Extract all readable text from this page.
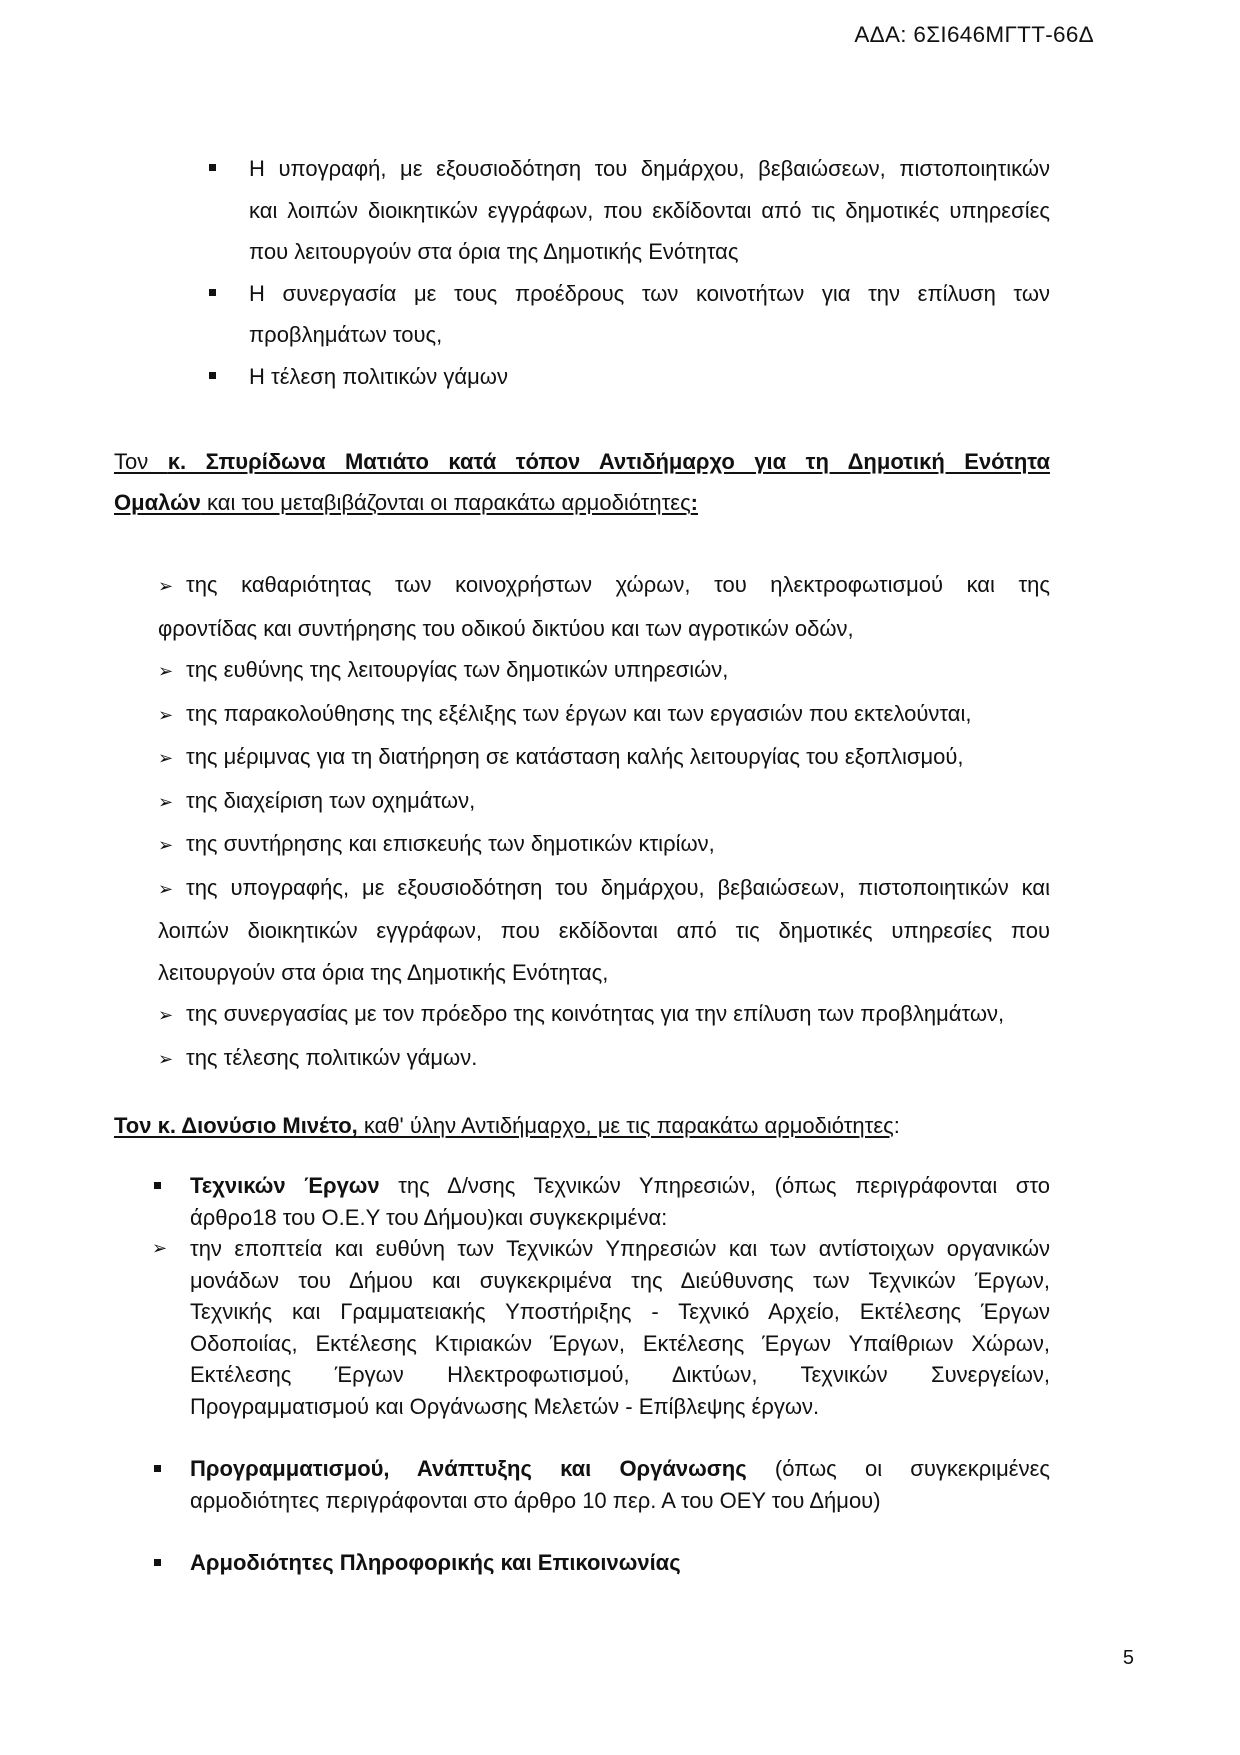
ΑΔΑ: 6ΣΙ646ΜΓΤΤ-66Δ
Η υπογραφή, με εξουσιοδότηση του δημάρχου, βεβαιώσεων, πιστοποιητικών
και λοιπών διοικητικών εγγράφων, που εκδίδονται από τις δημοτικές υπηρεσίες
που λειτουργούν στα όρια της Δημοτικής Ενότητας
Η συνεργασία με τους προέδρους των κοινοτήτων για την επίλυση των
προβλημάτων τους,
Η τέλεση πολιτικών γάμων
Τον κ. Σπυρίδωνα Ματιάτο κατά τόπον Αντιδήμαρχο για τη Δημοτική Ενότητα
Ομαλών και του μεταβιβάζονται οι παρακάτω αρμοδιότητες:
➢ της καθαριότητας των κοινοχρήστων χώρων, του ηλεκτροφωτισμού και της
φροντίδας και συντήρησης του οδικού δικτύου και των αγροτικών οδών,
➢ της ευθύνης της λειτουργίας των δημοτικών υπηρεσιών,
➢ της παρακολούθησης της εξέλιξης των έργων και των εργασιών που εκτελούνται,
➢ της μέριμνας για τη διατήρηση σε κατάσταση καλής λειτουργίας του εξοπλισμού,
➢ της διαχείριση των οχημάτων,
➢ της συντήρησης και επισκευής των δημοτικών κτιρίων,
➢ της υπογραφής, με εξουσιοδότηση του δημάρχου, βεβαιώσεων, πιστοποιητικών και
λοιπών διοικητικών εγγράφων, που εκδίδονται από τις δημοτικές υπηρεσίες που
λειτουργούν στα όρια της Δημοτικής Ενότητας,
➢ της συνεργασίας με τον πρόεδρο της κοινότητας για την επίλυση των προβλημάτων,
➢ της τέλεσης πολιτικών γάμων.
Τον κ. Διονύσιο Μινέτο, καθ' ύλην Αντιδήμαρχο, με τις παρακάτω αρμοδιότητες:
Τεχνικών Έργων της Δ/νσης Τεχνικών Υπηρεσιών, (όπως περιγράφονται στο
άρθρο18 του Ο.Ε.Υ του Δήμου)και συγκεκριμένα:
➢ την εποπτεία και ευθύνη των Τεχνικών Υπηρεσιών και των αντίστοιχων οργανικών
μονάδων του Δήμου και συγκεκριμένα της Διεύθυνσης των Τεχνικών Έργων,
Τεχνικής και Γραμματειακής Υποστήριξης - Τεχνικό Αρχείο, Εκτέλεσης Έργων
Οδοποιίας, Εκτέλεσης Κτιριακών Έργων, Εκτέλεσης Έργων Υπαίθριων Χώρων,
Εκτέλεσης Έργων Ηλεκτροφωτισμού, Δικτύων, Τεχνικών Συνεργείων,
Προγραμματισμού και Οργάνωσης Μελετών - Επίβλεψης έργων.
Προγραμματισμού, Ανάπτυξης και Οργάνωσης (όπως οι συγκεκριμένες
αρμοδιότητες περιγράφονται στο άρθρο 10 περ. Α του ΟΕΥ του Δήμου)
Αρμοδιότητες Πληροφορικής και Επικοινωνίας
5
